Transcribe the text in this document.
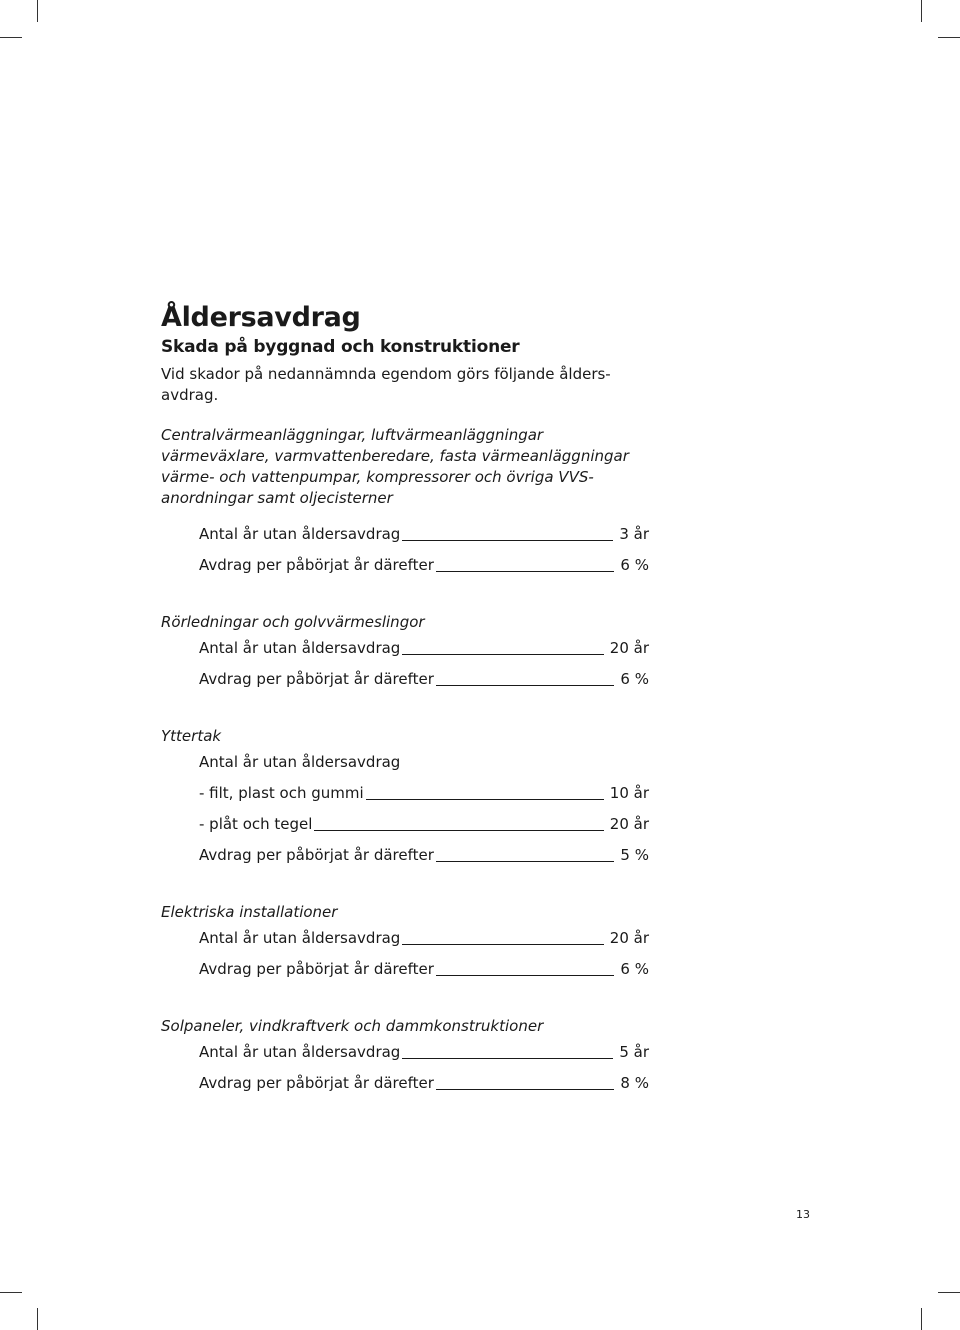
Åldersavdrag
Skada på byggnad och konstruktioner

Vid skador på nedannämnda egendom görs följande ålders-
avdrag.

Centralvärmeanläggningar, luftvärmeanläggningar
värmeväxlare, varmvattenberedare, fasta värmeanläggningar
värme- och vattenpumpar, kompressorer och övriga VVS-
anordningar samt oljecisterner
Antal år utan åldersavdrag	3 år
Avdrag per påbörjat år därefter	6 %
Rörledningar och golvvärmeslingor
Antal år utan åldersavdrag	20 år
Avdrag per påbörjat år därefter	6 %
Yttertak
Antal år utan åldersavdrag
- filt, plast och gummi	10 år
- plåt och tegel	20 år
Avdrag per påbörjat år därefter	5 %
Elektriska installationer
Antal år utan åldersavdrag	20 år
Avdrag per påbörjat år därefter	6 %
Solpaneler, vindkraftverk och dammkonstruktioner
Antal år utan åldersavdrag	5 år
Avdrag per påbörjat år därefter	8 %
13
